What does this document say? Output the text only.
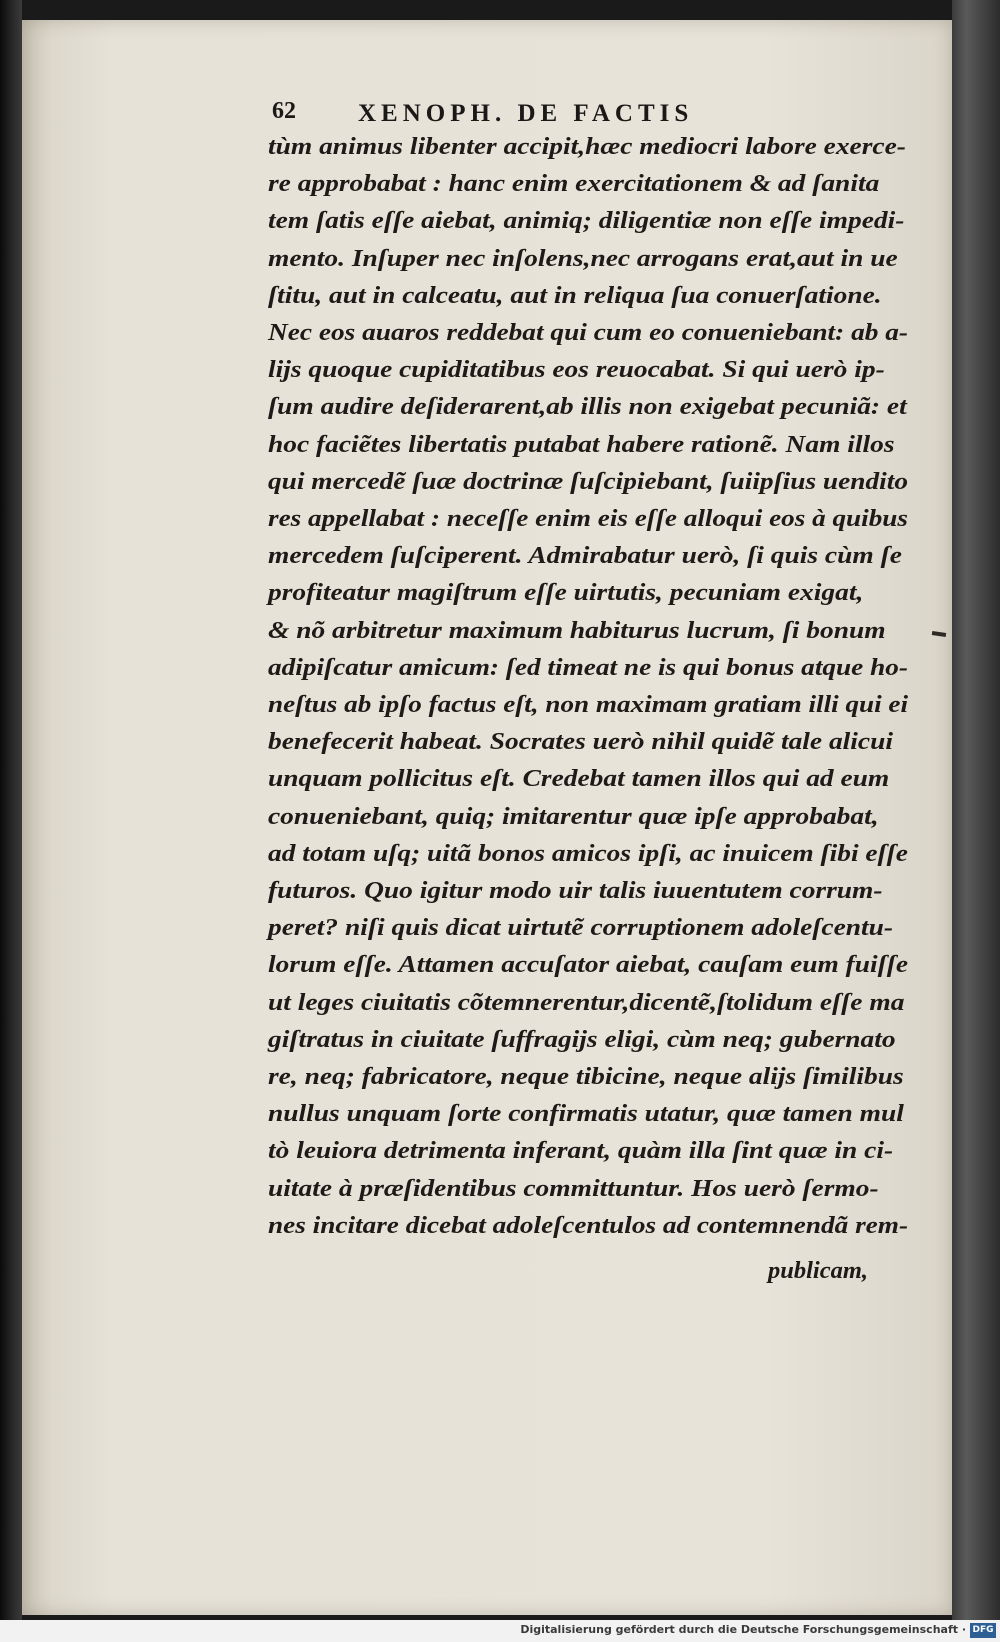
62 XENOPH. DE FACTIS
tùm animus libenter accipit,hæc mediocri labore exerce-
re approbabat : hanc enim exercitationem & ad ſanita
tem ſatis eſſe aiebat, animiq; diligentiæ non eſſe impedi-
mento. Inſuper nec inſolens,nec arrogans erat,aut in ue
ſtitu, aut in calceatu, aut in reliqua ſua conuerſatione.
Nec eos auaros reddebat qui cum eo conueniebant: ab a-
lijs quoque cupiditatibus eos reuocabat. Si qui uerò ip-
ſum audire deſiderarent,ab illis non exigebat pecuniã: et
hoc faciẽtes libertatis putabat habere rationẽ. Nam illos
qui mercedẽ ſuæ doctrinæ ſuſcipiebant, ſuiipſius uendito
res appellabat : neceſſe enim eis eſſe alloqui eos à quibus
mercedem ſuſciperent. Admirabatur uerò, ſi quis cùm ſe
profiteatur magiſtrum eſſe uirtutis, pecuniam exigat,
& nõ arbitretur maximum habiturus lucrum, ſi bonum
adipiſcatur amicum: ſed timeat ne is qui bonus atque ho-
neſtus ab ipſo factus eſt, non maximam gratiam illi qui ei
benefecerit habeat. Socrates uerò nihil quidẽ tale alicui
unquam pollicitus eſt. Credebat tamen illos qui ad eum
conueniebant, quiq; imitarentur quæ ipſe approbabat,
ad totam uſq; uitã bonos amicos ipſi, ac inuicem ſibi eſſe
futuros. Quo igitur modo uir talis iuuentutem corrum-
peret? niſi quis dicat uirtutẽ corruptionem adoleſcentu-
lorum eſſe. Attamen accuſator aiebat, cauſam eum fuiſſe
ut leges ciuitatis cõtemnerentur,dicentẽ,ſtolidum eſſe ma
giſtratus in ciuitate ſuffragijs eligi, cùm neq; gubernato
re, neq; fabricatore, neque tibicine, neque alijs ſimilibus
nullus unquam ſorte confirmatis utatur, quæ tamen mul
tò leuiora detrimenta inferant, quàm illa ſint quæ in ci-
uitate à præſidentibus committuntur. Hos uerò ſermo-
nes incitare dicebat adoleſcentulos ad contemnendã rem-
publicam,
Digitalisierung gefördert durch die Deutsche Forschungsgemeinschaft · DFG
